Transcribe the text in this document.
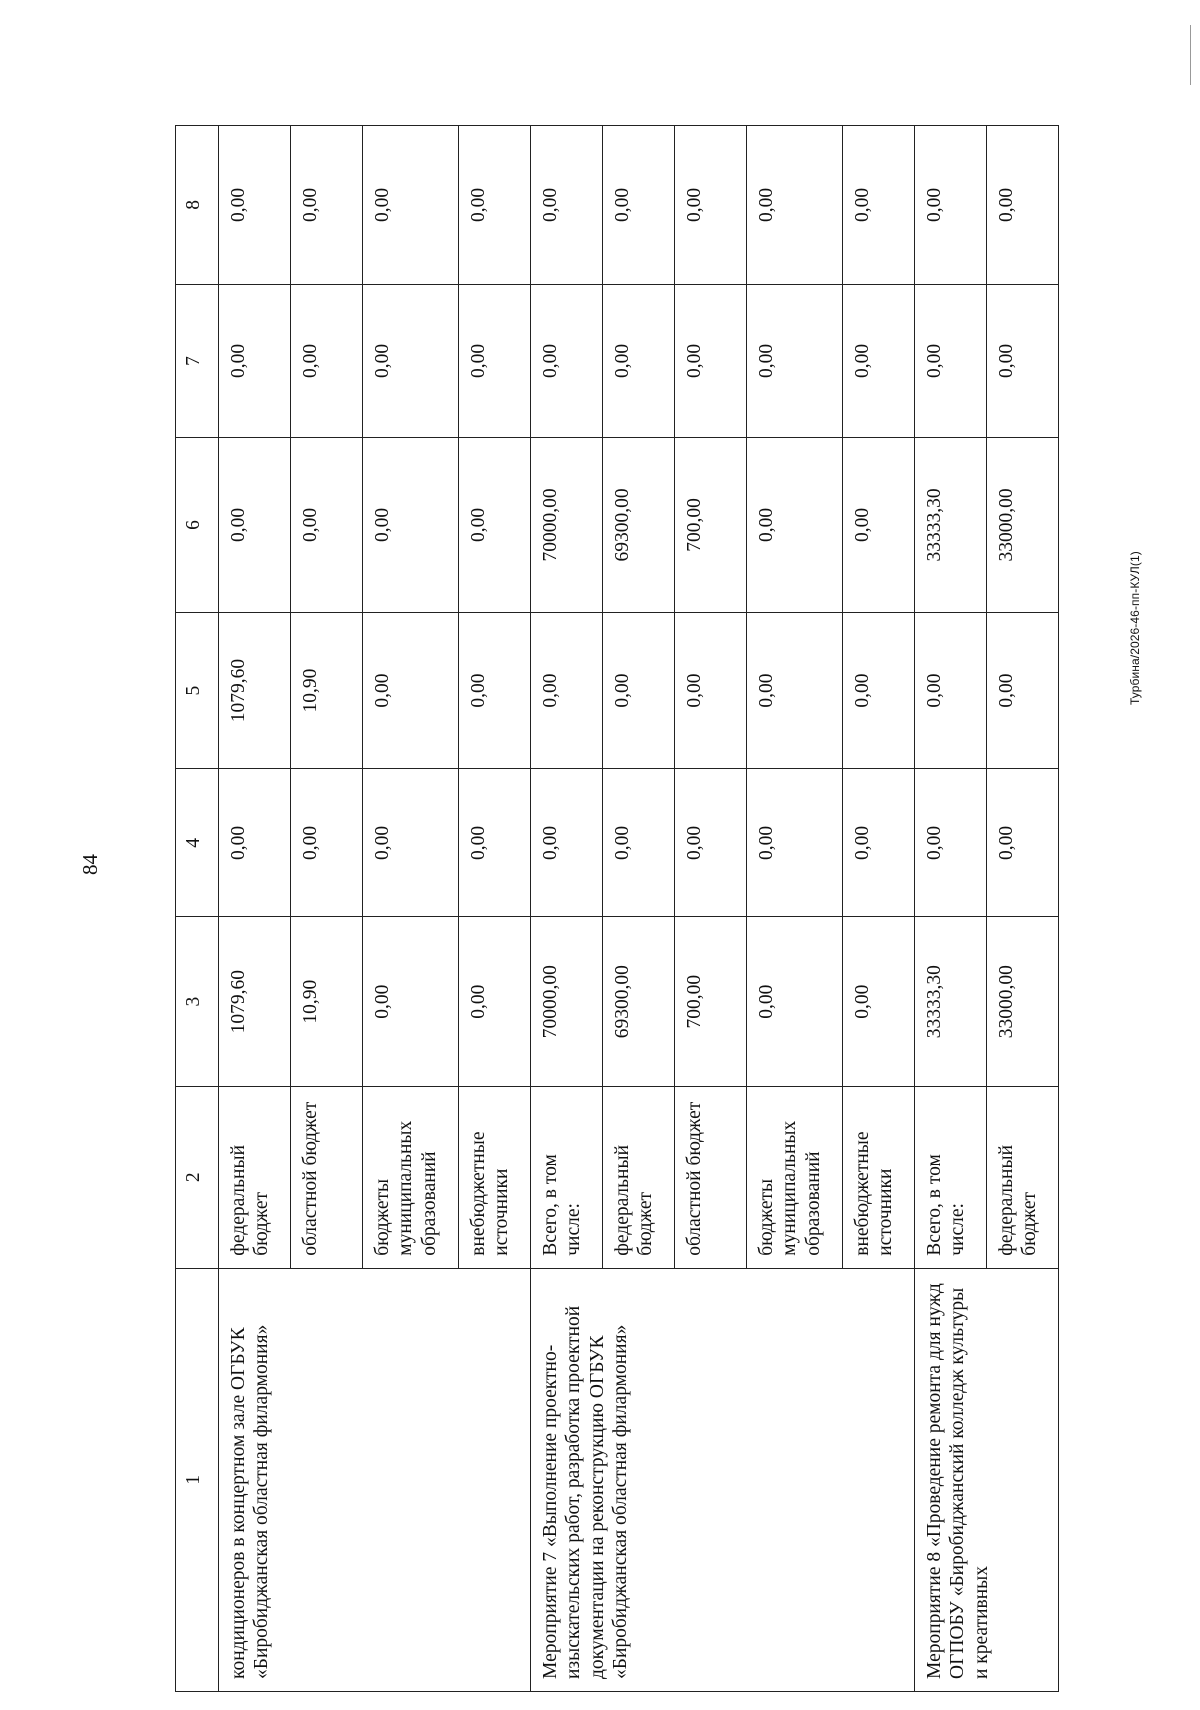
84
1	2	3	4	5	6	7	8
кондиционеров в концертном зале ОГБУК «Биробиджанская областная филармония»	федеральный бюджет	1079,60	0,00	1079,60	0,00	0,00	0,00
	областной бюджет	10,90	0,00	10,90	0,00	0,00	0,00
	бюджеты муниципальных образований	0,00	0,00	0,00	0,00	0,00	0,00
	внебюджетные источники	0,00	0,00	0,00	0,00	0,00	0,00
Мероприятие 7 «Выполнение проектно-изыскательских работ, разработка проектной документации на реконструкцию ОГБУК «Биробиджанская областная филармония»	Всего, в том числе:	70000,00	0,00	0,00	70000,00	0,00	0,00
	федеральный бюджет	69300,00	0,00	0,00	69300,00	0,00	0,00
	областной бюджет	700,00	0,00	0,00	700,00	0,00	0,00
	бюджеты муниципальных образований	0,00	0,00	0,00	0,00	0,00	0,00
	внебюджетные источники	0,00	0,00	0,00	0,00	0,00	0,00
Мероприятие 8 «Проведение ремонта для нужд ОГПОБУ «Биробиджанский колледж культуры и креативных	Всего, в том числе:	33333,30	0,00	0,00	33333,30	0,00	0,00
	федеральный бюджет	33000,00	0,00	0,00	33000,00	0,00	0,00
Турбина/2026-46-пп-КУЛ(1)
